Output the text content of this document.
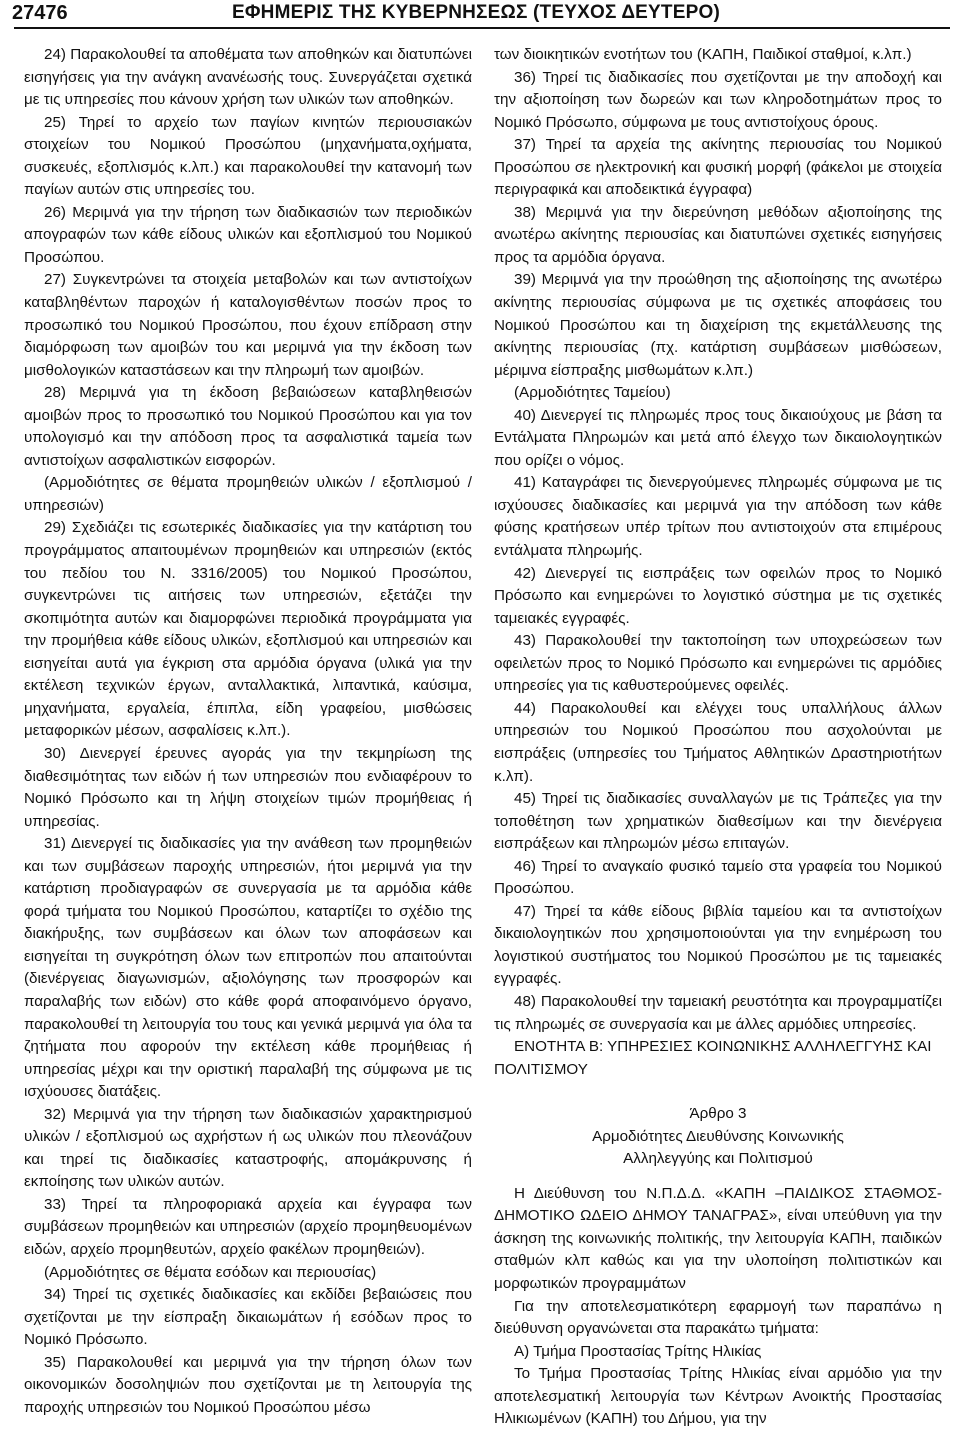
27476	ΕΦΗΜΕΡΙΣ ΤΗΣ ΚΥΒΕΡΝΗΣΕΩΣ (ΤΕΥΧΟΣ ΔΕΥΤΕΡΟ)

24) Παρακολουθεί τα αποθέματα των αποθηκών και διατυπώνει εισηγήσεις για την ανάγκη ανανέωσής τους. Συνεργάζεται σχετικά με τις υπηρεσίες που κάνουν χρήση των υλικών των αποθηκών.

25) Τηρεί το αρχείο των παγίων κινητών περιουσιακών στοιχείων του Νομικού Προσώπου (μηχανήματα,οχήματα, συσκευές, εξοπλισμός κ.λπ.) και παρακολουθεί την κατανομή των παγίων αυτών στις υπηρεσίες του.

26) Μεριμνά για την τήρηση των διαδικασιών των περιοδικών απογραφών των κάθε είδους υλικών και εξοπλισμού του Νομικού Προσώπου.

27) Συγκεντρώνει τα στοιχεία μεταβολών και των αντιστοίχων καταβληθέντων παροχών ή καταλογισθέντων ποσών προς το προσωπικό του Νομικού Προσώπου, που έχουν επίδραση στην διαμόρφωση των αμοιβών του και μεριμνά για την έκδοση των μισθολογικών καταστάσεων και την πληρωμή των αμοιβών.

28) Μεριμνά για τη έκδοση βεβαιώσεων καταβληθεισών αμοιβών προς το προσωπικό του Νομικού Προσώπου και για τον υπολογισμό και την απόδοση προς τα ασφαλιστικά ταμεία των αντιστοίχων ασφαλιστικών εισφορών.

(Αρμοδιότητες σε θέματα προμηθειών υλικών / εξοπλισμού / υπηρεσιών)

29) Σχεδιάζει τις εσωτερικές διαδικασίες για την κατάρτιση του προγράμματος απαιτουμένων προμηθειών και υπηρεσιών (εκτός του πεδίου του Ν. 3316/2005) του Νομικού Προσώπου, συγκεντρώνει τις αιτήσεις των υπηρεσιών, εξετάζει την σκοπιμότητα αυτών και διαμορφώνει περιοδικά προγράμματα για την προμήθεια κάθε είδους υλικών, εξοπλισμού και υπηρεσιών και εισηγείται αυτά για έγκριση στα αρμόδια όργανα (υλικά για την εκτέλεση τεχνικών έργων, ανταλλακτικά, λιπαντικά, καύσιμα, μηχανήματα, εργαλεία, έπιπλα, είδη γραφείου, μισθώσεις μεταφορικών μέσων, ασφαλίσεις κ.λπ.).

30) Διενεργεί έρευνες αγοράς για την τεκμηρίωση της διαθεσιμότητας των ειδών ή των υπηρεσιών που ενδιαφέρουν το Νομικό Πρόσωπο και τη λήψη στοιχείων τιμών προμήθειας ή υπηρεσίας.

31) Διενεργεί τις διαδικασίες για την ανάθεση των προμηθειών και των συμβάσεων παροχής υπηρεσιών, ήτοι μεριμνά για την κατάρτιση προδιαγραφών σε συνεργασία με τα αρμόδια κάθε φορά τμήματα του Νομικού Προσώπου, καταρτίζει το σχέδιο της διακήρυξης, των συμβάσεων και όλων των αποφάσεων και εισηγείται τη συγκρότηση όλων των επιτροπών που απαιτούνται (διενέργειας διαγωνισμών, αξιολόγησης των προσφορών και παραλαβής των ειδών) στο κάθε φορά αποφαινόμενο όργανο, παρακολουθεί τη λειτουργία του τους και γενικά μεριμνά για όλα τα ζητήματα που αφορούν την εκτέλεση κάθε προμήθειας ή υπηρεσίας μέχρι και την οριστική παραλαβή της σύμφωνα με τις ισχύουσες διατάξεις.

32) Μεριμνά για την τήρηση των διαδικασιών χαρακτηρισμού υλικών / εξοπλισμού ως αχρήστων ή ως υλικών που πλεονάζουν και τηρεί τις διαδικασίες καταστροφής, απομάκρυνσης ή εκποίησης των υλικών αυτών.

33) Τηρεί τα πληροφοριακά αρχεία και έγγραφα των συμβάσεων προμηθειών και υπηρεσιών (αρχείο προμηθευομένων ειδών, αρχείο προμηθευτών, αρχείο φακέλων προμηθειών).

(Αρμοδιότητες σε θέματα εσόδων και περιουσίας)

34) Τηρεί τις σχετικές διαδικασίες και εκδίδει βεβαιώσεις που σχετίζονται με την είσπραξη δικαιωμάτων ή εσόδων προς το Νομικό Πρόσωπο.

35) Παρακολουθεί και μεριμνά για την τήρηση όλων των οικονομικών δοσοληψιών που σχετίζονται με τη λειτουργία της παροχής υπηρεσιών του Νομικού Προσώπου μέσω

των διοικητικών ενοτήτων του (ΚΑΠΗ, Παιδικοί σταθμοί, κ.λπ.)

36) Τηρεί τις διαδικασίες που σχετίζονται με την αποδοχή και την αξιοποίηση των δωρεών και των κληροδοτημάτων προς το Νομικό Πρόσωπο, σύμφωνα με τους αντιστοίχους όρους.

37) Τηρεί τα αρχεία της ακίνητης περιουσίας του Νομικού Προσώπου σε ηλεκτρονική και φυσική μορφή (φάκελοι με στοιχεία περιγραφικά και αποδεικτικά έγγραφα)

38) Μεριμνά για την διερεύνηση μεθόδων αξιοποίησης της ανωτέρω ακίνητης περιουσίας και διατυπώνει σχετικές εισηγήσεις προς τα αρμόδια όργανα.

39) Μεριμνά για την προώθηση της αξιοποίησης της ανωτέρω ακίνητης περιουσίας σύμφωνα με τις σχετικές αποφάσεις του Νομικού Προσώπου και τη διαχείριση της εκμετάλλευσης της ακίνητης περιουσίας (πχ. κατάρτιση συμβάσεων μισθώσεων, μέριμνα είσπραξης μισθωμάτων κ.λπ.)

(Αρμοδιότητες Ταμείου)

40) Διενεργεί τις πληρωμές προς τους δικαιούχους με βάση τα Εντάλματα Πληρωμών και μετά από έλεγχο των δικαιολογητικών που ορίζει ο νόμος.

41) Καταγράφει τις διενεργούμενες πληρωμές σύμφωνα με τις ισχύουσες διαδικασίες και μεριμνά για την απόδοση των κάθε φύσης κρατήσεων υπέρ τρίτων που αντιστοιχούν στα επιμέρους εντάλματα πληρωμής.

42) Διενεργεί τις εισπράξεις των οφειλών προς το Νομικό Πρόσωπο και ενημερώνει το λογιστικό σύστημα με τις σχετικές ταμειακές εγγραφές.

43) Παρακολουθεί την τακτοποίηση των υποχρεώσεων των οφειλετών προς το Νομικό Πρόσωπο και ενημερώνει τις αρμόδιες υπηρεσίες για τις καθυστερούμενες οφειλές.

44) Παρακολουθεί και ελέγχει τους υπαλλήλους άλλων υπηρεσιών του Νομικού Προσώπου που ασχολούνται με εισπράξεις (υπηρεσίες του Τμήματος Αθλητικών Δραστηριοτήτων κ.λπ).

45) Τηρεί τις διαδικασίες συναλλαγών με τις Τράπεζες για την τοποθέτηση των χρηματικών διαθεσίμων και την διενέργεια εισπράξεων και πληρωμών μέσω επιταγών.

46) Τηρεί το αναγκαίο φυσικό ταμείο στα γραφεία του Νομικού Προσώπου.

47) Τηρεί τα κάθε είδους βιβλία ταμείου και τα αντιστοίχων δικαιολογητικών που χρησιμοποιούνται για την ενημέρωση του λογιστικού συστήματος του Νομικού Προσώπου με τις ταμειακές εγγραφές.

48) Παρακολουθεί την ταμειακή ρευστότητα και προγραμματίζει τις πληρωμές σε συνεργασία και με άλλες αρμόδιες υπηρεσίες.

ΕΝΟΤΗΤΑ Β: ΥΠΗΡΕΣΙΕΣ ΚΟΙΝΩΝΙΚΗΣ ΑΛΛΗΛΕΓΓΥΗΣ ΚΑΙ ΠΟΛΙΤΙΣΜΟΥ

Άρθρο 3

Αρμοδιότητες Διευθύνσης Κοινωνικής

Αλληλεγγύης και Πολιτισμού

Η Διεύθυνση του Ν.Π.Δ.Δ. «ΚΑΠΗ –ΠΑΙΔΙΚΟΣ ΣΤΑΘΜΟΣ-ΔΗΜΟΤΙΚΟ ΩΔΕΙΟ ΔΗΜΟΥ ΤΑΝΑΓΡΑΣ», είναι υπεύθυνη για την άσκηση της κοινωνικής πολιτικής, την λειτουργία ΚΑΠΗ, παιδικών σταθμών κλπ καθώς και για την υλοποίηση πολιτιστικών και μορφωτικών προγραμμάτων

Για την αποτελεσματικότερη εφαρμογή των παραπάνω η διεύθυνση οργανώνεται στα παρακάτω τμήματα:

Α) Τμήμα Προστασίας Τρίτης Ηλικίας

Το Τμήμα Προστασίας Τρίτης Ηλικίας είναι αρμόδιο για την αποτελεσματική λειτουργία των Κέντρων Ανοικτής Προστασίας Ηλικιωμένων (ΚΑΠΗ) του Δήμου, για την
